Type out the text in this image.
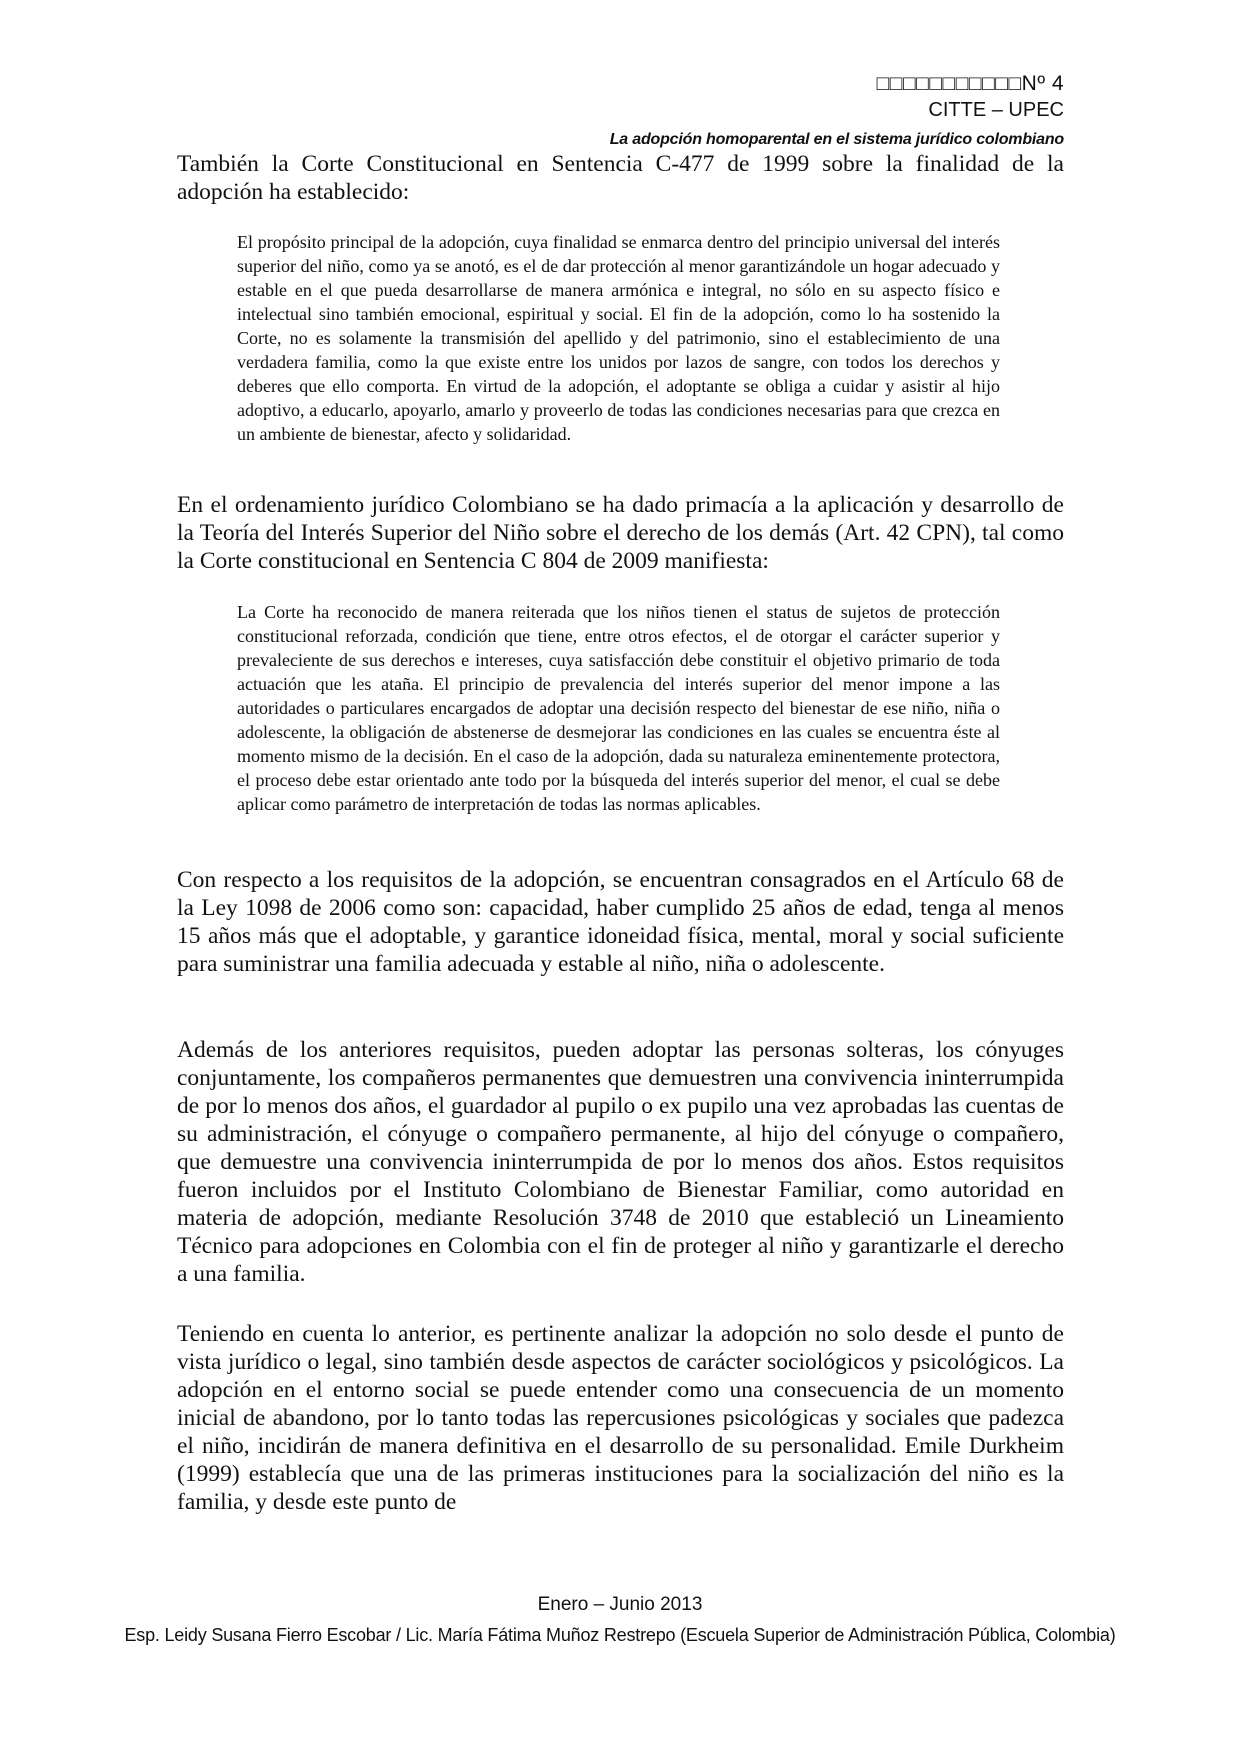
□□□□□□□□□□□Nº 4
CITTE – UPEC
La adopción homoparental en el sistema jurídico colombiano

También la Corte Constitucional en Sentencia C-477 de 1999 sobre la finalidad de la adopción ha establecido:

El propósito principal de la adopción, cuya finalidad se enmarca dentro del principio universal del interés superior del niño, como ya se anotó, es el de dar protección al menor garantizándole un hogar adecuado y estable en el que pueda desarrollarse de manera armónica e integral, no sólo en su aspecto físico e intelectual sino también emocional, espiritual y social. El fin de la adopción, como lo ha sostenido la Corte, no es solamente la transmisión del apellido y del patrimonio, sino el establecimiento de una verdadera familia, como la que existe entre los unidos por lazos de sangre, con todos los derechos y deberes que ello comporta. En virtud de la adopción, el adoptante se obliga a cuidar y asistir al hijo adoptivo, a educarlo, apoyarlo, amarlo y proveerlo de todas las condiciones necesarias para que crezca en un ambiente de bienestar, afecto y solidaridad.

En el ordenamiento jurídico Colombiano se ha dado primacía a la aplicación y desarrollo de la Teoría del Interés Superior del Niño sobre el derecho de los demás (Art. 42 CPN), tal como la Corte constitucional en Sentencia C 804 de 2009 manifiesta:

La Corte ha reconocido de manera reiterada que los niños tienen el status de sujetos de protección constitucional reforzada, condición que tiene, entre otros efectos, el de otorgar el carácter superior y prevaleciente de sus derechos e intereses, cuya satisfacción debe constituir el objetivo primario de toda actuación que les ataña. El principio de prevalencia del interés superior del menor impone a las autoridades o particulares encargados de adoptar una decisión respecto del bienestar de ese niño, niña o adolescente, la obligación de abstenerse de desmejorar las condiciones en las cuales se encuentra éste al momento mismo de la decisión. En el caso de la adopción, dada su naturaleza eminentemente protectora, el proceso debe estar orientado ante todo por la búsqueda del interés superior del menor, el cual se debe aplicar como parámetro de interpretación de todas las normas aplicables.

Con respecto a los requisitos de la adopción, se encuentran consagrados en el Artículo 68 de la Ley 1098 de 2006 como son: capacidad, haber cumplido 25 años de edad, tenga al menos 15 años más que el adoptable, y garantice idoneidad física, mental, moral y social suficiente para suministrar una familia adecuada y estable al niño, niña o adolescente.

Además de los anteriores requisitos, pueden adoptar las personas solteras, los cónyuges conjuntamente, los compañeros permanentes que demuestren una convivencia ininterrumpida de por lo menos dos años, el guardador al pupilo o ex pupilo una vez aprobadas las cuentas de su administración, el cónyuge o compañero permanente, al hijo del cónyuge o compañero, que demuestre una convivencia ininterrumpida de por lo menos dos años. Estos requisitos fueron incluidos por el Instituto Colombiano de Bienestar Familiar, como autoridad en materia de adopción, mediante Resolución 3748 de 2010 que estableció un Lineamiento Técnico para adopciones en Colombia con el fin de proteger al niño y garantizarle el derecho a una familia.

Teniendo en cuenta lo anterior, es pertinente analizar la adopción no solo desde el punto de vista jurídico o legal, sino también desde aspectos de carácter sociológicos y psicológicos. La adopción en el entorno social se puede entender como una consecuencia de un momento inicial de abandono, por lo tanto todas las repercusiones psicológicas y sociales que padezca el niño, incidirán de manera definitiva en el desarrollo de su personalidad. Emile Durkheim (1999) establecía que una de las primeras instituciones para la socialización del niño es la familia, y desde este punto de

Enero – Junio 2013
Esp. Leidy Susana Fierro Escobar / Lic. María Fátima Muñoz Restrepo (Escuela Superior de Administración Pública, Colombia)
